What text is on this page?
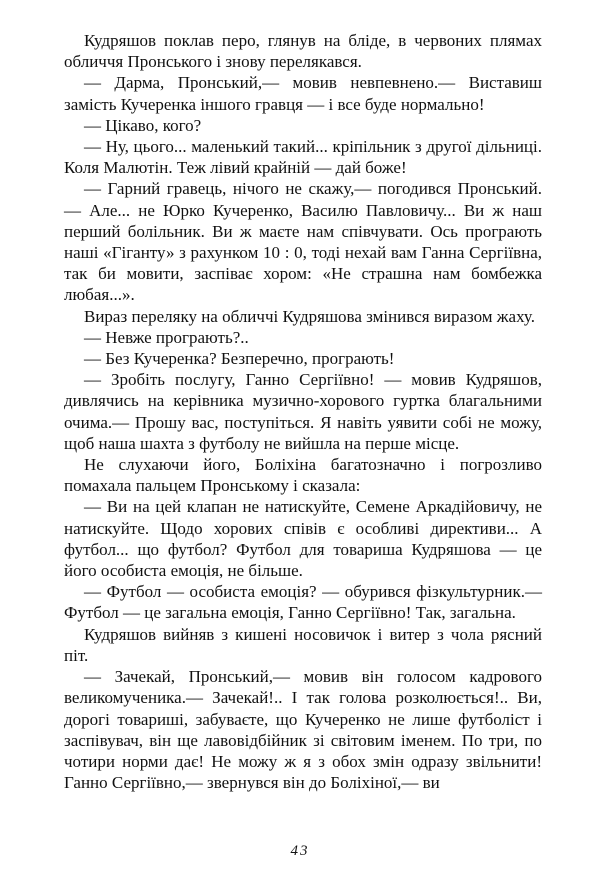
Кудряшов поклав перо, глянув на бліде, в червоних плямах обличчя Пронського і знову перелякався.

— Дарма, Пронський,— мовив невпевнено.— Виставиш замість Кучеренка іншого гравця — і все буде нормально!

— Цікаво, кого?

— Ну, цього... маленький такий... кріпільник з другої дільниці. Коля Малютін. Теж лівий крайній — дай боже!

— Гарний гравець, нічого не скажу,— погодився Пронський.— Але... не Юрко Кучеренко, Василю Павловичу... Ви ж наш перший болільник. Ви ж маєте нам співчувати. Ось програють наші «Гіганту» з рахунком 10 : 0, тоді нехай вам Ганна Сергіївна, так би мовити, заспіває хором: «Не страшна нам бомбежка любая...».

Вираз переляку на обличчі Кудряшова змінився виразом жаху.

— Невже програють?..

— Без Кучеренка? Безперечно, програють!

— Зробіть послугу, Ганно Сергіївно! — мовив Кудряшов, дивлячись на керівника музично-хорового гуртка благальними очима.— Прошу вас, поступіться. Я навіть уявити собі не можу, щоб наша шахта з футболу не вийшла на перше місце.

Не слухаючи його, Боліхіна багатозначно і погрозливо помахала пальцем Пронському і сказала:

— Ви на цей клапан не натискуйте, Семене Аркадійовичу, не натискуйте. Щодо хорових співів є особливі директиви... А футбол... що футбол? Футбол для товариша Кудряшова — це його особиста емоція, не більше.

— Футбол — особиста емоція? — обурився фізкультурник.— Футбол — це загальна емоція, Ганно Сергіївно! Так, загальна.

Кудряшов вийняв з кишені носовичок і витер з чола рясний піт.

— Зачекай, Пронський,— мовив він голосом кадрового великомученика.— Зачекай!.. І так голова розколюється!.. Ви, дорогі товариші, забуваєте, що Кучеренко не лише футболіст і заспівувач, він ще лавовідбійник зі світовим іменем. По три, по чотири норми дає! Не можу ж я з обох змін одразу звільнити! Ганно Сергіївно,— звернувся він до Боліхіної,— ви

43
